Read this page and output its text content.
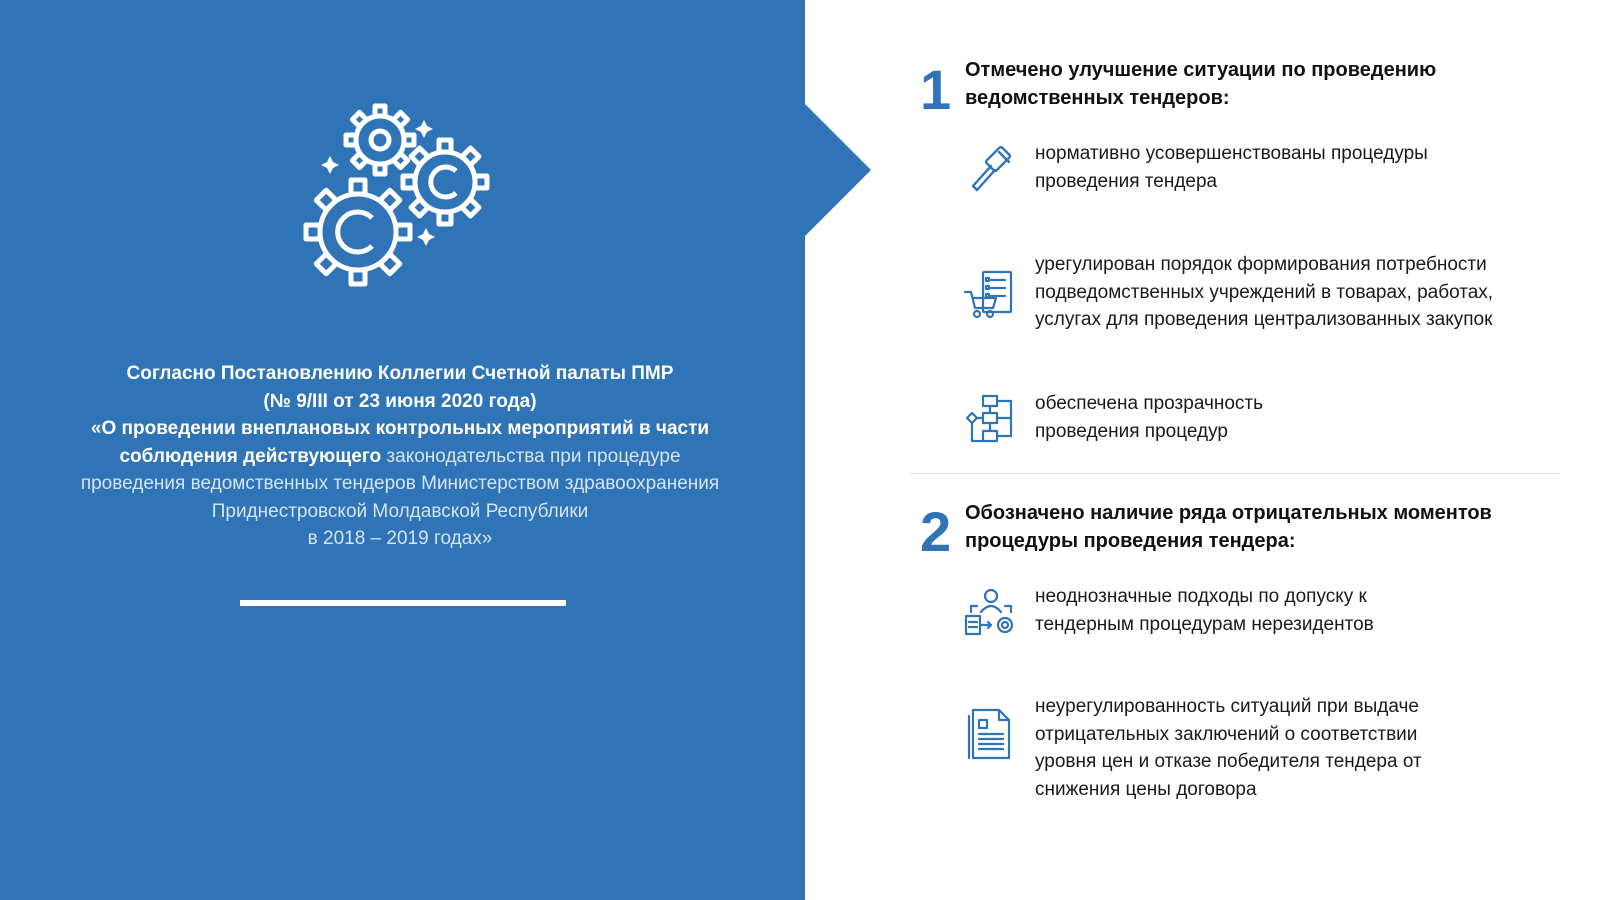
Согласно Постановлению Коллегии Счетной палаты ПМР
(№ 9/III от 23 июня 2020 года)
«О проведении внеплановых контрольных мероприятий в части
соблюдения действующего законодательства при процедуре
проведения ведомственных тендеров Министерством здравоохранения
Приднестровской Молдавской Республики
в 2018 – 2019 годах»
1 Отмечено улучшение ситуации по проведению
ведомственных тендеров:
нормативно усовершенствованы процедуры
проведения тендера
урегулирован порядок формирования потребности
подведомственных учреждений в товарах, работах,
услугах для проведения централизованных закупок
обеспечена прозрачность
проведения процедур
2 Обозначено наличие ряда отрицательных моментов
процедуры проведения тендера:
неоднозначные подходы по допуску к
тендерным процедурам нерезидентов
неурегулированность ситуаций при выдаче
отрицательных заключений о соответствии
уровня цен и отказе победителя тендера от
снижения цены договора
